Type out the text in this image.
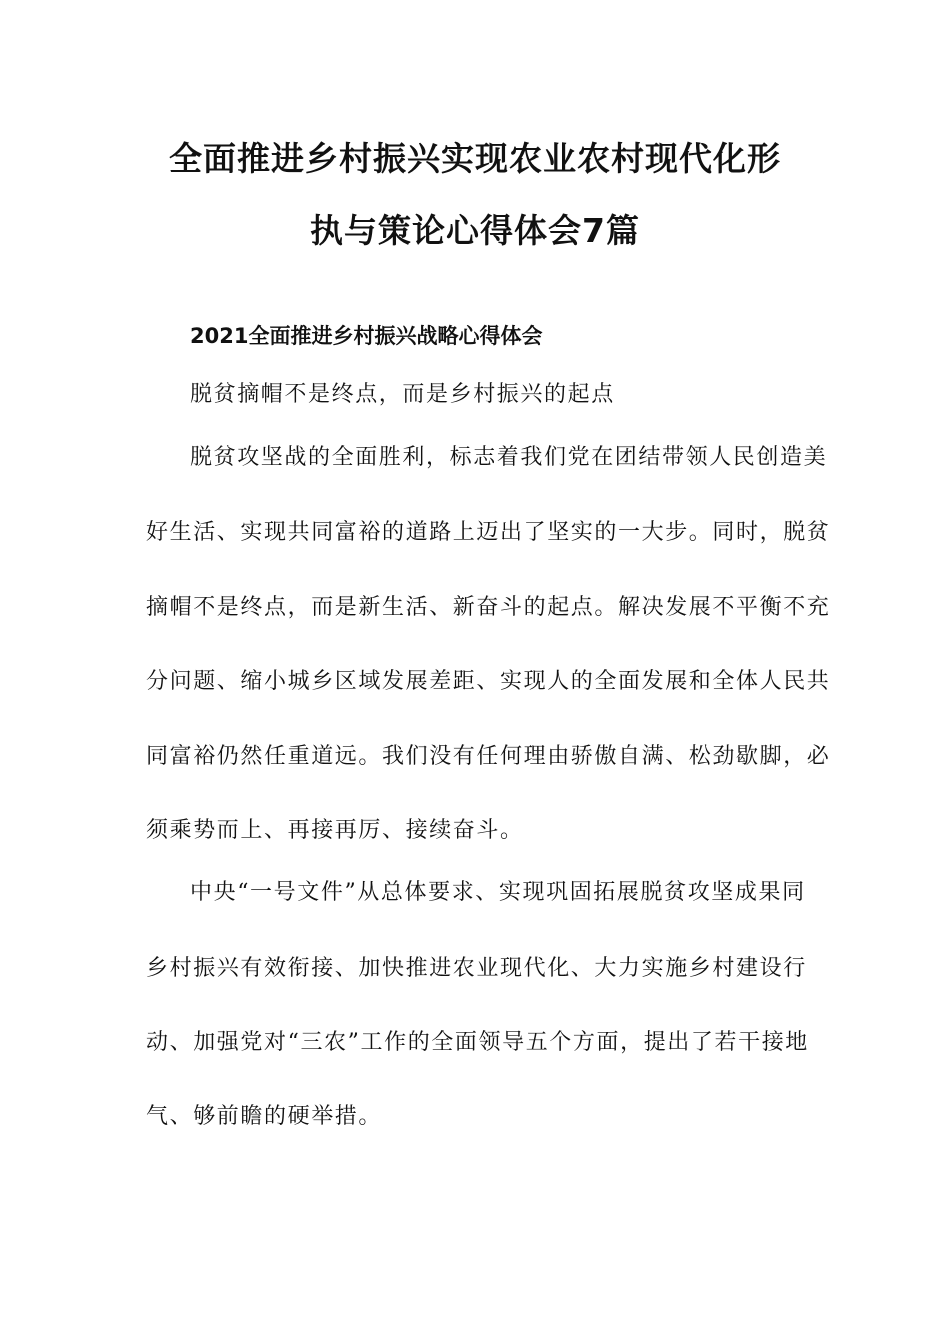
全面推进乡村振兴实现农业农村现代化形
执与策论心得体会7篇
2021全面推进乡村振兴战略心得体会
脱贫摘帽不是终点，而是乡村振兴的起点
脱贫攻坚战的全面胜利，标志着我们党在团结带领人民创造美
好生活、实现共同富裕的道路上迈出了坚实的一大步。同时，脱贫
摘帽不是终点，而是新生活、新奋斗的起点。解决发展不平衡不充
分问题、缩小城乡区域发展差距、实现人的全面发展和全体人民共
同富裕仍然任重道远。我们没有任何理由骄傲自满、松劲歇脚，必
须乘势而上、再接再厉、接续奋斗。
中央“一号文件”从总体要求、实现巩固拓展脱贫攻坚成果同
乡村振兴有效衔接、加快推进农业现代化、大力实施乡村建设行
动、加强党对“三农”工作的全面领导五个方面，提出了若干接地
气、够前瞻的硬举措。
